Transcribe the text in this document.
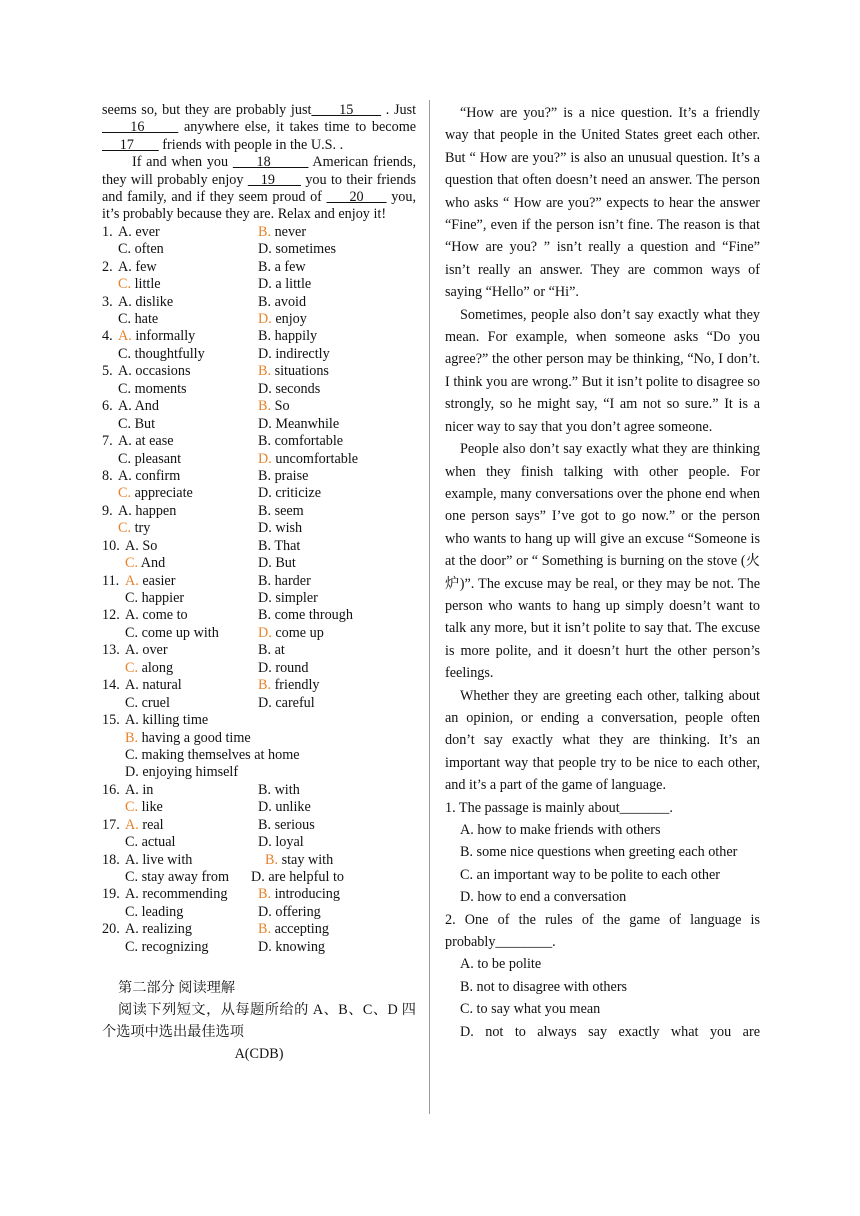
seems so, but they are probably just      15       . Just      16       anywhere else, it takes time to become      17        friends with people in the U.S. .

If and when you      18         American friends, they will probably enjoy    19       you to their friends and family, and if they seem proud of      20      you, it’s probably because they are. Relax and enjoy it!

1. A. ever	B. never
C. often	D. sometimes
2. A. few	B. a few
C. little	D. a little
3. A. dislike	B. avoid
C. hate	D. enjoy
4. A. informally	B. happily
C. thoughtfully	D. indirectly
5. A. occasions	B. situations
C. moments	D. seconds
6. A. And	B. So
C. But	D. Meanwhile
7. A. at ease	B. comfortable
C. pleasant	D. uncomfortable
8. A. confirm	B. praise
C. appreciate	D. criticize
9. A. happen	B. seem
C. try	D. wish
10. A. So	B. That
C. And	D. But
11. A. easier	B. harder
C. happier	D. simpler
12. A. come to	B. come through
C. come up with	D. come up
13. A. over	B. at
C. along	D. round
14. A. natural	B. friendly
C. cruel	D. careful
15. A. killing time
B. having a good time
C. making themselves at home
D. enjoying himself
16. A. in	B. with
C. like	D. unlike
17. A. real	B. serious
C. actual	D. loyal
18. A. live with	B. stay with
C. stay away from D. are helpful to
19. A. recommending B. introducing
C. leading	D. offering
20. A. realizing	B. accepting
C. recognizing	D. knowing

第二部分 阅读理解

阅读下列短文，从每题所给的 A、B、C、D 四个选项中选出最佳选项

A(CDB)

“How are you?” is a nice question. It’s a friendly way that people in the United States greet each other. But “ How are you?” is also an unusual question. It’s a question that often doesn’t need an answer. The person who asks “ How are you?” expects to hear the answer “Fine”, even if the person isn’t fine. The reason is that “How are you? ” isn’t really a question and “Fine” isn’t really an answer. They are common ways of saying “Hello” or “Hi”.

Sometimes, people also don’t say exactly what they mean. For example, when someone asks “Do you agree?” the other person may be thinking, “No, I don’t. I think you are wrong.” But it isn’t polite to disagree so strongly, so he might say, “I am not so sure.” It is a nicer way to say that you don’t agree someone.

People also don’t say exactly what they are thinking when they finish talking with other people. For example, many conversations over the phone end when one person says” I’ve got to go now.” or the person who wants to hang up will give an excuse “Someone is at the door” or “ Something is burning on the stove (火炉)”. The excuse may be real, or they may be not. The person who wants to hang up simply doesn’t want to talk any more, but it isn’t polite to say that. The excuse is more polite, and it doesn’t hurt the other person’s feelings.

Whether they are greeting each other, talking about an opinion, or ending a conversation, people often don’t say exactly what they are thinking. It’s an important way that people try to be nice to each other, and it’s a part of the game of language.

1. The passage is mainly about_______.

A. how to make friends with others

B. some nice questions when greeting each other

C. an important way to be polite to each other

D. how to end a conversation

2. One of the rules of the game of language is probably________.

A. to be polite

B. not to disagree with others

C. to say what you mean

D. not to always say exactly what you are
